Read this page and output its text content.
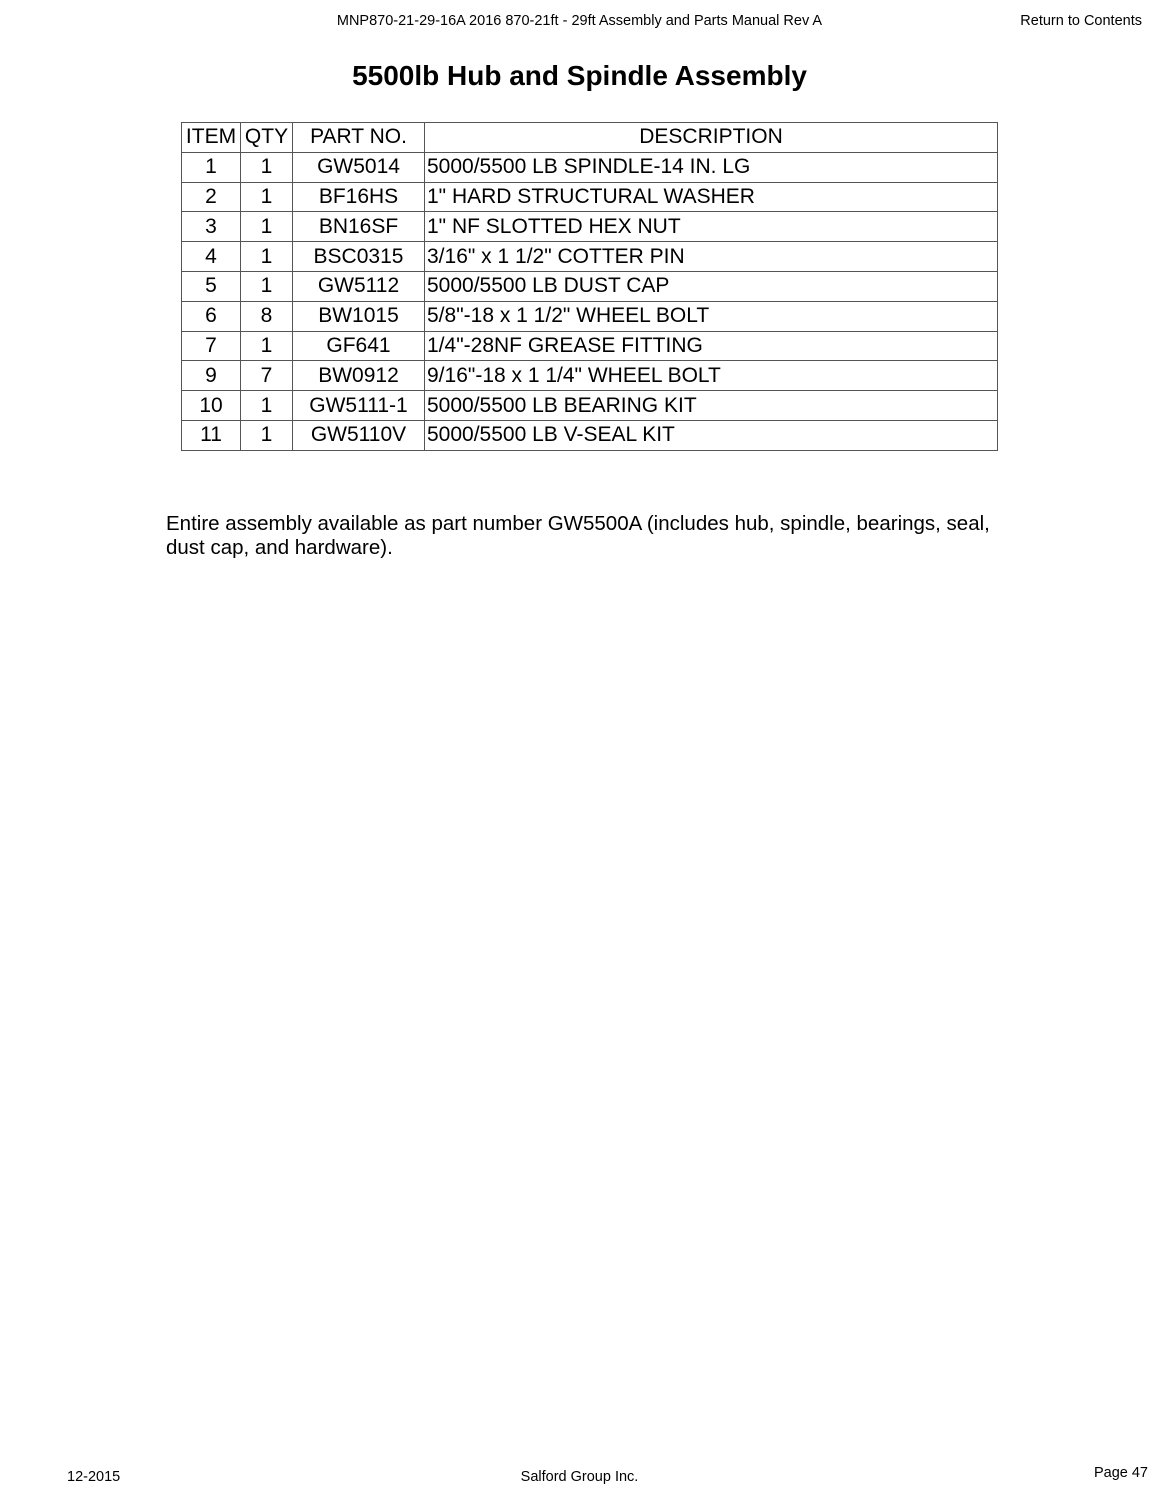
MNP870-21-29-16A 2016 870-21ft - 29ft Assembly and Parts Manual Rev A	Return to Contents
5500lb Hub and Spindle Assembly
ITEM	QTY	PART NO.	DESCRIPTION
1	1	GW5014	5000/5500 LB SPINDLE-14 IN. LG
2	1	BF16HS	1" HARD STRUCTURAL WASHER
3	1	BN16SF	1" NF SLOTTED HEX NUT
4	1	BSC0315	3/16" x 1 1/2" COTTER PIN
5	1	GW5112	5000/5500 LB DUST CAP
6	8	BW1015	5/8"-18 x 1 1/2" WHEEL BOLT
7	1	GF641	1/4"-28NF GREASE FITTING
9	7	BW0912	9/16"-18 x 1 1/4" WHEEL BOLT
10	1	GW5111-1	5000/5500 LB BEARING KIT
11	1	GW5110V	5000/5500 LB V-SEAL KIT

Entire assembly available as part number GW5500A (includes hub, spindle, bearings, seal, dust cap, and hardware).

12-2015	Salford Group Inc.	Page 47
